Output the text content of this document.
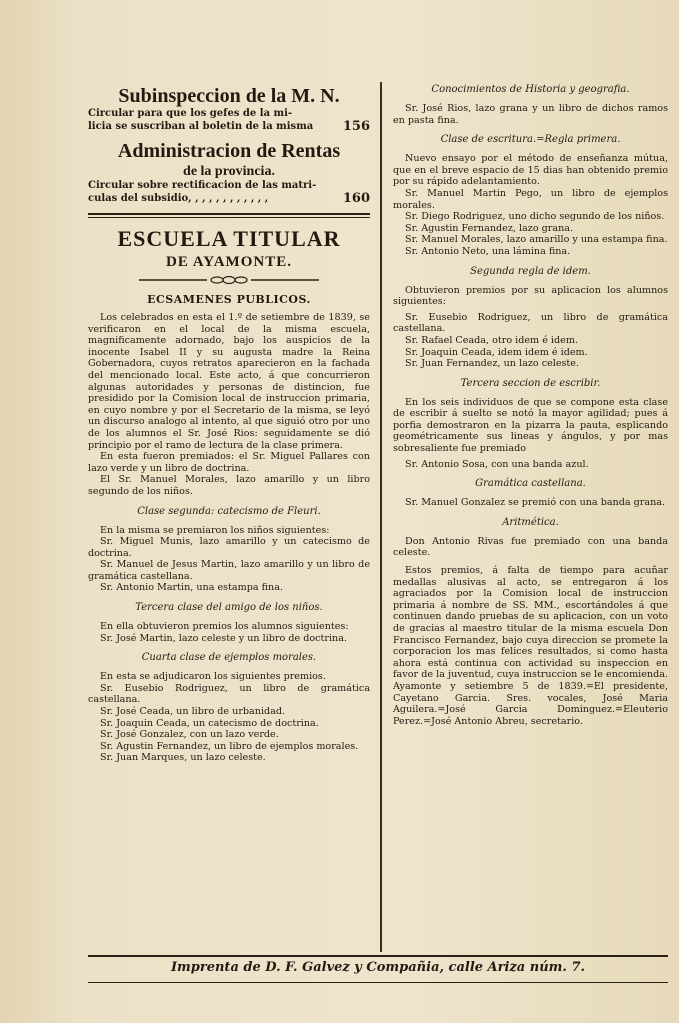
Subinspeccion de la M. N.
Circular para que los gefes de la mi-
licia se suscriban al boletin de la misma 156
Administracion de Rentas
de la provincia.
Circular sobre rectificacion de las matri-
culas del subsidio, , , , , , , , , , , ,	160
ESCUELA TITULAR
DE AYAMONTE.
ECSAMENES PUBLICOS.

Los celebrados en esta el 1.º de setiembre de 1839, se verificaron en el local de la misma escuela, magnificamente adornado, bajo los auspicios de la inocente Isabel II y su augusta madre la Reina Gobernadora, cuyos retratos aparecieron en la fachada del mencionado local. Este acto, á que concurrieron algunas autoridades y personas de distincion, fue presidido por la Comision local de instruccion primaria, en cuyo nombre y por el Secretario de la misma, se leyó un discurso analogo al intento, al que siguió otro por uno de los alumnos el Sr. José Rios: seguidamente se dió principio por el ramo de lectura de la clase primera.

En esta fueron premiados: el Sr. Miguel Pallares con lazo verde y un libro de doctrina.

El Sr. Manuel Morales, lazo amarillo y un libro segundo de los niños.

Clase segunda: catecismo de Fleuri.

En la misma se premiaron los niños siguientes:

Sr. Miguel Munis, lazo amarillo y un catecismo de doctrina.

Sr. Manuel de Jesus Martin, lazo amarillo y un libro de gramática castellana.

Sr. Antonio Martin, una estampa fina.

Tercera clase del amigo de los niños.

En ella obtuvieron premios los alumnos siguientes:

Sr. José Martin, lazo celeste y un libro de doctrina.

Cuarta clase de ejemplos morales.

En esta se adjudicaron los siguientes premios.

Sr. Eusebio Rodriguez, un libro de gramática castellana.

Sr. José Ceada, un libro de urbanidad.

Sr. Joaquin Ceada, un catecismo de doctrina.

Sr. José Gonzalez, con un lazo verde.

Sr. Agustin Fernandez, un libro de ejemplos morales.

Sr. Juan Marques, un lazo celeste.

Conocimientos de Historia y geografia.

Sr. José Rios, lazo grana y un libro de dichos ramos en pasta fina.

Clase de escritura.=Regla primera.

Nuevo ensayo por el método de enseñanza mútua, que en el breve espacio de 15 dias han obtenido premio por su rápido adelantamiento.

Sr. Manuel Martin Pego, un libro de ejemplos morales.

Sr. Diego Rodriguez, uno dicho segundo de los niños.

Sr. Agustin Fernandez, lazo grana.

Sr. Manuel Morales, lazo amarillo y una estampa fina.

Sr. Antonio Neto, una lámina fina.

Segunda regla de idem.

Obtuvieron premios por su aplicacion los alumnos siguientes:

Sr. Eusebio Rodriguez, un libro de gramática castellana.

Sr. Rafael Ceada, otro idem é idem.

Sr. Joaquin Ceada, idem idem é idem.

Sr. Juan Fernandez, un lazo celeste.

Tercera seccion de escribir.

En los seis individuos de que se compone esta clase de escribir á suelto se notó la mayor agilidad; pues á porfia demostraron en la pizarra la pauta, esplicando geométricamente sus lineas y ángulos, y por mas sobresaliente fue premiado

Sr. Antonio Sosa, con una banda azul.

Gramática castellana.

Sr. Manuel Gonzalez se premió con una banda grana.

Aritmética.

Don Antonio Rivas fue premiado con una banda celeste.

Estos premios, á falta de tiempo para acuñar medallas alusivas al acto, se entregaron á los agraciados por la Comision local de instruccion primaria á nombre de SS. MM., escortándoles á que continuen dando pruebas de su aplicacion, con un voto de gracias al maestro titular de la misma escuela Don Francisco Fernandez, bajo cuya direccion se promete la corporacion los mas felices resultados, si como hasta ahora está continua con actividad su inspeccion en favor de la juventud, cuya instruccion se le encomienda. Ayamonte y setiembre 5 de 1839.=El presidente, Cayetano Garcia. Sres. vocales, José Maria Aguilera.=José Garcia Dominguez.=Eleuterio Perez.=José Antonio Abreu, secretario.

Imprenta de D. F. Galvez y Compañia, calle Ariza núm. 7.
